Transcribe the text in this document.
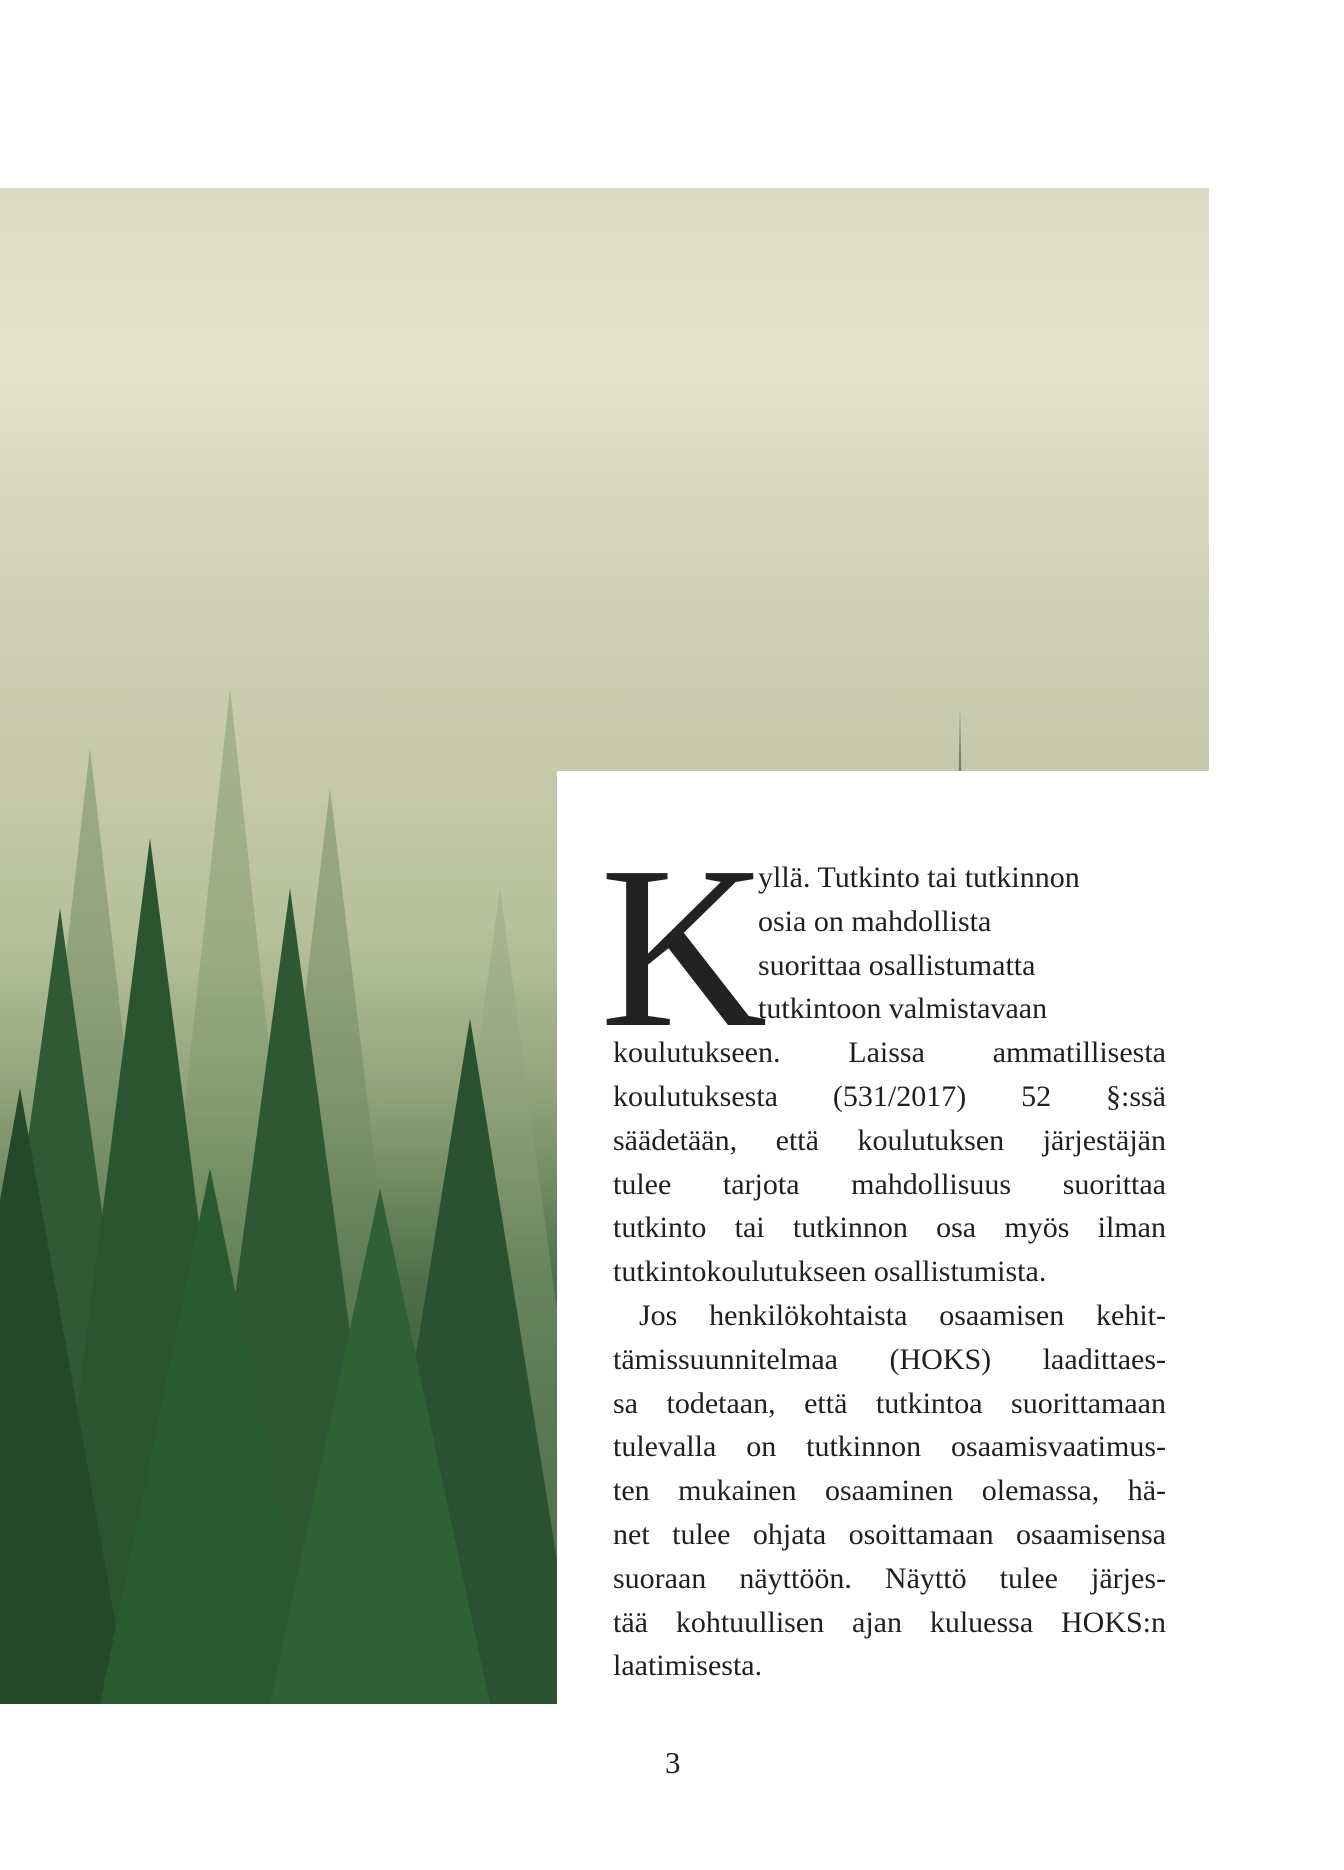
K
yllä. Tutkinto tai tutkinnon
osia on mahdollista
suorittaa osallistumatta
tutkintoon valmistavaan
koulutukseen. Laissa ammatillisesta
koulutuksesta (531/2017) 52 §:ssä
säädetään, että koulutuksen järjestäjän
tulee tarjota mahdollisuus suorittaa
tutkinto tai tutkinnon osa myös ilman
tutkintokoulutukseen osallistumista.
Jos henkilökohtaista osaamisen kehit-
tämissuunnitelmaa (HOKS) laadittaes-
sa todetaan, että tutkintoa suorittamaan
tulevalla on tutkinnon osaamisvaatimus-
ten mukainen osaaminen olemassa, hä-
net tulee ohjata osoittamaan osaamisensa
suoraan näyttöön. Näyttö tulee järjes-
tää kohtuullisen ajan kuluessa HOKS:n
laatimisesta.
3
